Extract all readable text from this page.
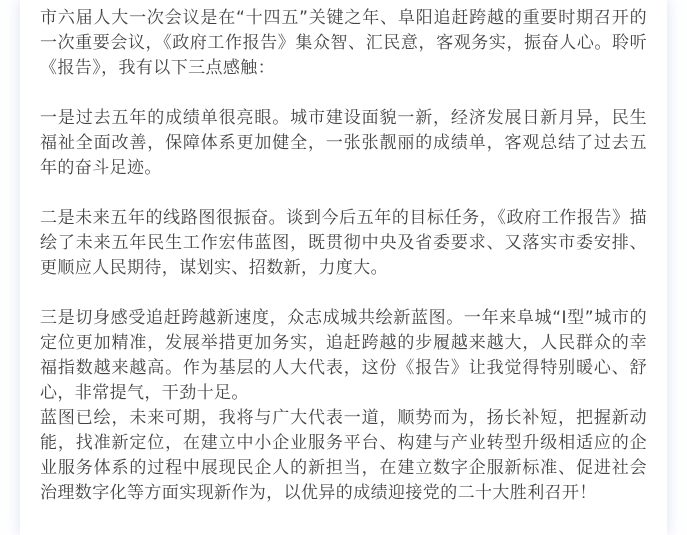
市六届人大一次会议是在“十四五”关键之年、阜阳追赶跨越的重要时期召开的一次重要会议，《政府工作报告》集众智、汇民意，客观务实，振奋人心。聆听《报告》，我有以下三点感触：

一是过去五年的成绩单很亮眼。城市建设面貌一新，经济发展日新月异，民生福祉全面改善，保障体系更加健全，一张张靓丽的成绩单，客观总结了过去五年的奋斗足迹。

二是未来五年的线路图很振奋。谈到今后五年的目标任务，《政府工作报告》描绘了未来五年民生工作宏伟蓝图，既贯彻中央及省委要求、又落实市委安排、更顺应人民期待，谋划实、招数新，力度大。

三是切身感受追赶跨越新速度，众志成城共绘新蓝图。一年来阜城“I型”城市的定位更加精准，发展举措更加务实，追赶跨越的步履越来越大，人民群众的幸福指数越来越高。作为基层的人大代表，这份《报告》让我觉得特别暖心、舒心，非常提气，干劲十足。

蓝图已绘，未来可期，我将与广大代表一道，顺势而为，扬长补短，把握新动能，找准新定位，在建立中小企业服务平台、构建与产业转型升级相适应的企业服务体系的过程中展现民企人的新担当，在建立数字企服新标准、促进社会治理数字化等方面实现新作为，以优异的成绩迎接党的二十大胜利召开！
